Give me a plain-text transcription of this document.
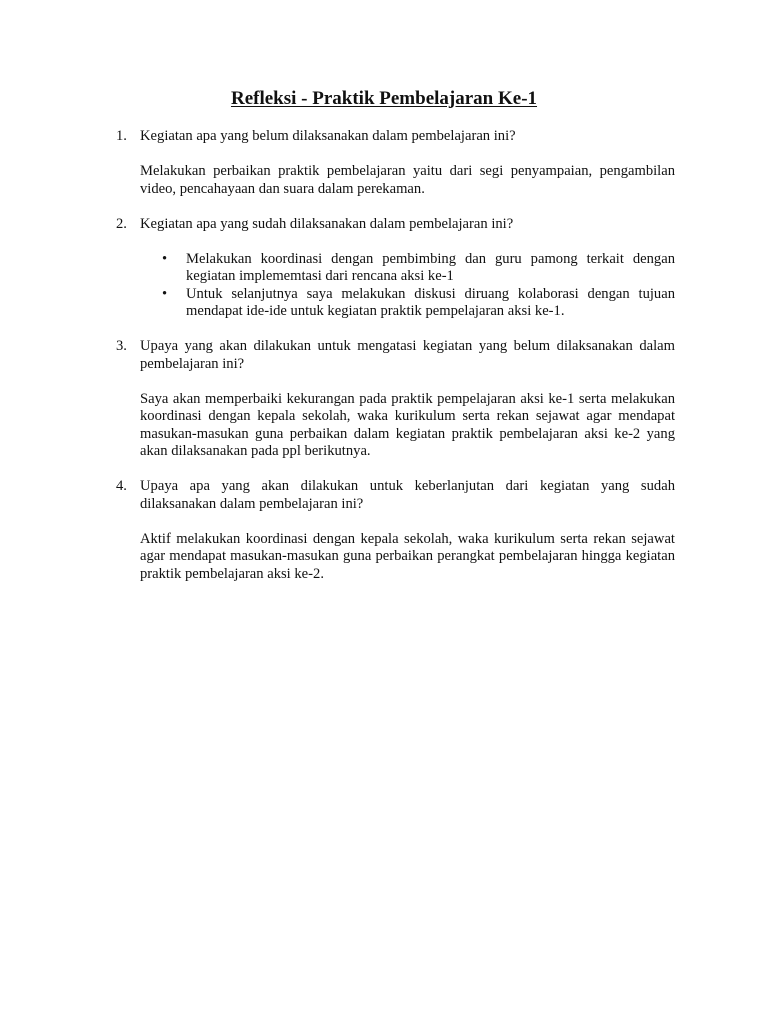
Refleksi - Praktik Pembelajaran Ke-1
1. Kegiatan apa yang belum dilaksanakan dalam pembelajaran ini?
Melakukan perbaikan praktik pembelajaran yaitu dari segi penyampaian, pengambilan video, pencahayaan dan suara dalam perekaman.
2. Kegiatan apa yang sudah dilaksanakan dalam pembelajaran ini?
• Melakukan koordinasi dengan pembimbing dan guru pamong terkait dengan kegiatan implememtasi dari rencana aksi ke-1
• Untuk selanjutnya saya melakukan diskusi diruang kolaborasi dengan tujuan mendapat ide-ide untuk kegiatan praktik pempelajaran aksi ke-1.
3. Upaya yang akan dilakukan untuk mengatasi kegiatan yang belum dilaksanakan dalam pembelajaran ini?
Saya akan memperbaiki kekurangan pada praktik pempelajaran aksi ke-1 serta melakukan koordinasi dengan kepala sekolah, waka kurikulum serta rekan sejawat agar mendapat masukan-masukan guna perbaikan dalam kegiatan praktik pembelajaran aksi ke-2 yang akan dilaksanakan pada ppl berikutnya.
4. Upaya apa yang akan dilakukan untuk keberlanjutan dari kegiatan yang sudah dilaksanakan dalam pembelajaran ini?
Aktif melakukan koordinasi dengan kepala sekolah, waka kurikulum serta rekan sejawat agar mendapat masukan-masukan guna perbaikan perangkat pembelajaran hingga kegiatan praktik pembelajaran aksi ke-2.
